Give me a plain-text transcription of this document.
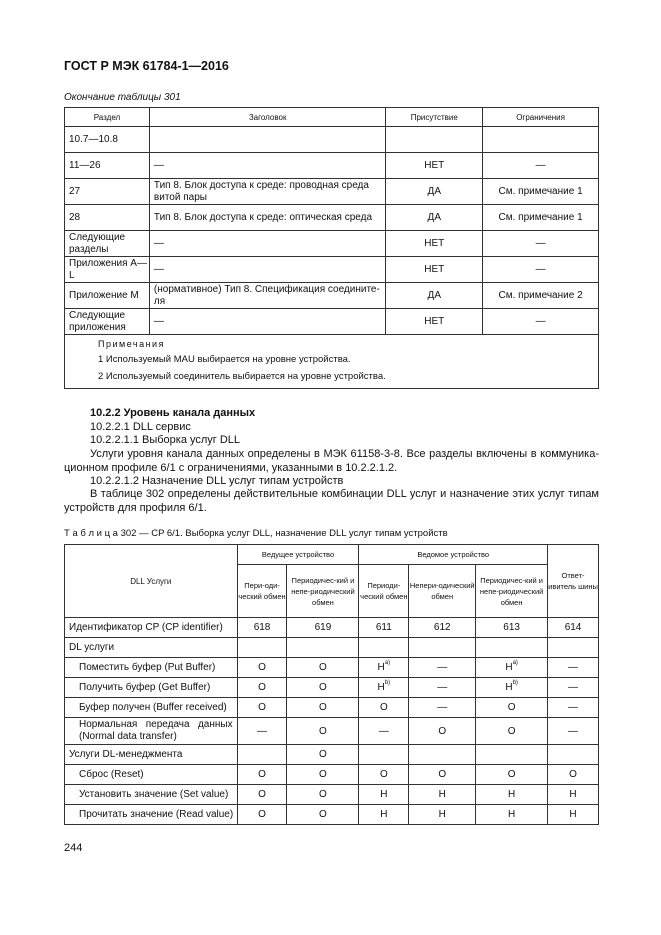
ГОСТ Р МЭК 61784-1—2016
Окончание таблицы 301
Раздел	Заголовок	Присутствие	Ограничения
10.7—10.8			
11—26	—	НЕТ	—
27	Тип 8. Блок доступа к среде: проводная среда витой пары	ДА	См. примечание 1
28	Тип 8. Блок доступа к среде: оптическая среда	ДА	См. примечание 1
Следующие разделы	—	НЕТ	—
Приложения А—L	—	НЕТ	—
Приложение М	(нормативное) Тип 8. Спецификация соедините-ля	ДА	См. примечание 2
Следующие приложения	—	НЕТ	—

Примечания
1 Используемый MAU выбирается на уровне устройства.
2 Используемый соединитель выбирается на уровне устройства.			
10.2.2 Уровень канала данных
10.2.2.1 DLL сервис
10.2.2.1.1 Выборка услуг DLL
Услуги уровня канала данных определены в МЭК 61158-3-8. Все разделы включены в коммуника-ционном профиле 6/1 с ограничениями, указанными в 10.2.2.1.2.
10.2.2.1.2 Назначение DLL услуг типам устройств
В таблице 302 определены действительные комбинации DLL услуг и назначение этих услуг типам устройств для профиля 6/1.
Т а б л и ц а 302 — CP 6/1. Выборка услуг DLL, назначение DLL услуг типам устройств
DLL Услуги	Ведущее устройство		Ведомое устройство			Ответ-ивитель шины
	Пери-оди-ческий обмен	Периодичес-кий и непе-риодический обмен	Периоди-ческий обмен	Непери-одический обмен	Периодичес-кий и непе-риодический обмен	
Идентификатор CP (CP identifier)	618	619	611	612	613	614
DL услуги						
Поместить буфер (Put Buffer)	O	O	$H^{a)}$	—	$H^{a)}$	—
Получить буфер (Get Buffer)	O	O	$H^{b)}$	—	$H^{b)}$	—
Буфер получен (Buffer received)	O	O	O	—	O	—
Нормальная передача данных (Normal data transfer)	—	O	—	O	O	—
Услуги DL-менеджмента		O				
Сброс (Reset)	O	O	O	O	O	O
Установить значение (Set value)	O	O	H	H	H	H
Прочитать значение (Read value)	O	O	H	H	H	H
244
